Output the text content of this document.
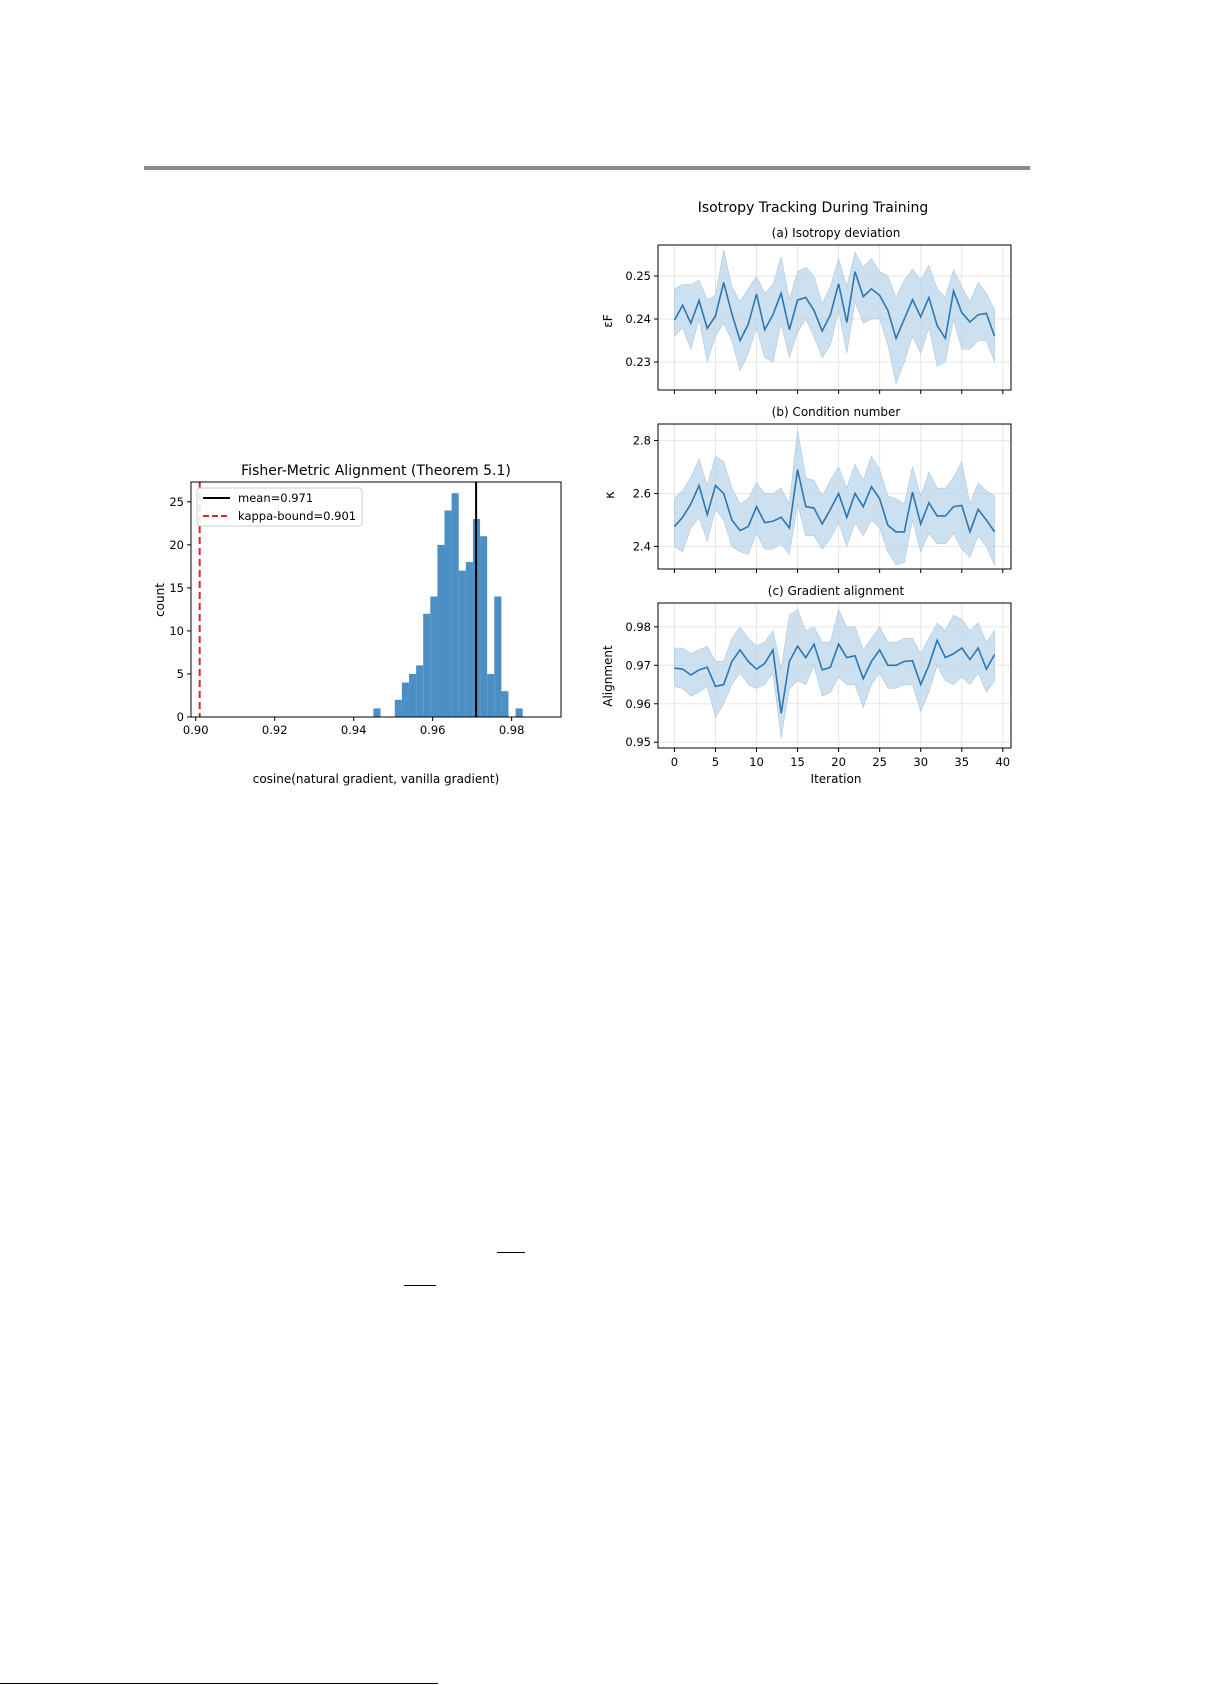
Fisher-Metric Alignment (Theorem 5.1)
0.90	0.92	0.94	0.96	0.98
0
5
10
15
20
25	mean=0.971
kappa-bound=0.901
cosine(natural gradient, vanilla gradient)
count
Isotropy Tracking During Training
(a) Isotropy deviation
0.23
0.24
0.25
εF
(b) Condition number
2.4
2.6
2.8
κ
(c) Gradient alignment
0.95
0.96
0.97
0.98
0	5	10 15 20 25 30 35 40
Alignment
Iteration
